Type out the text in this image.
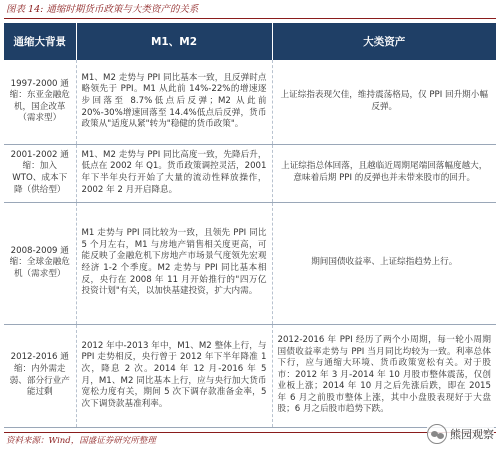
图表 14: 通缩时期货币政策与大类资产的关系
通缩大背景	M1、M2	大类资产
1997-2000 通缩：东亚金融危机，国企改革（需求型）	M1、M2 走势与 PPI 同比基本一致，且反弹时点略领先于 PPI。M1 从此前 14%-22%的增速逐步回落至 8.7%低点后反弹；M2 从此前 20%-30%增速回落至 14.4%低点后反弹，货币政策从"适度从紧"转为"稳健的货币政策"。	上证综指表现欠佳，维持震荡格局，仅 PPI 回升期小幅反弹。
2001-2002 通缩：加入 WTO、成本下降（供给型）	M1、M2 走势与 PPI 同比高度一致，先降后升，低点在 2002 年 Q1。货币政策调控灵活，2001 年下半年央行开始了大量的流动性释放操作，2002 年 2 月开启降息。	上证综指总体回落，且越临近周期尾端回落幅度越大，意味着后期 PPI 的反弹也并未带来股市的回升。
2008-2009 通缩：全球金融危机（需求型）	M1 走势与 PPI 同比较为一致，且领先 PPI 同比 5 个月左右，M1 与房地产销售相关度更高，可能反映了金融危机下房地产市场景气度领先宏观经济 1-2 个季度。M2 走势与 PPI 同比基本相反，央行在 2008 年 11 月开始推行的"四万亿投资计划"有关，以加快基建投资，扩大内需。	期间国债收益率、上证综指趋势上行。
2012-2016 通缩：内外需走弱、部分行业产能过剩	2012 年中-2013 年中，M1、M2 整体上行，与 PPI 走势相反，央行曾于 2012 年下半年降准 1 次，降息 2 次。2014 年 12 月-2016 年 5 月，M1、M2 同比基本上行，应与央行加大货币宽松力度有关，期间 5 次下调存款准备金率，5 次下调贷款基准利率。	2012-2016 年 PPI 经历了两个小周期，每一轮小周期国债收益率走势与 PPI 当月同比均较为一致。利率总体下行，应与通缩大环境、货币政策宽松有关。对于股市：2012 年 3 月-2014 年 10 月股市整体震荡，仅创业板上涨；2014 年 10 月之后先涨后跌，即在 2015 年 6 月之前股市整体上涨，其中小盘股表现好于大盘股；6 月之后股市趋势下跌。
资料来源：Wind，国盛证券研究所整理	熊园观察
